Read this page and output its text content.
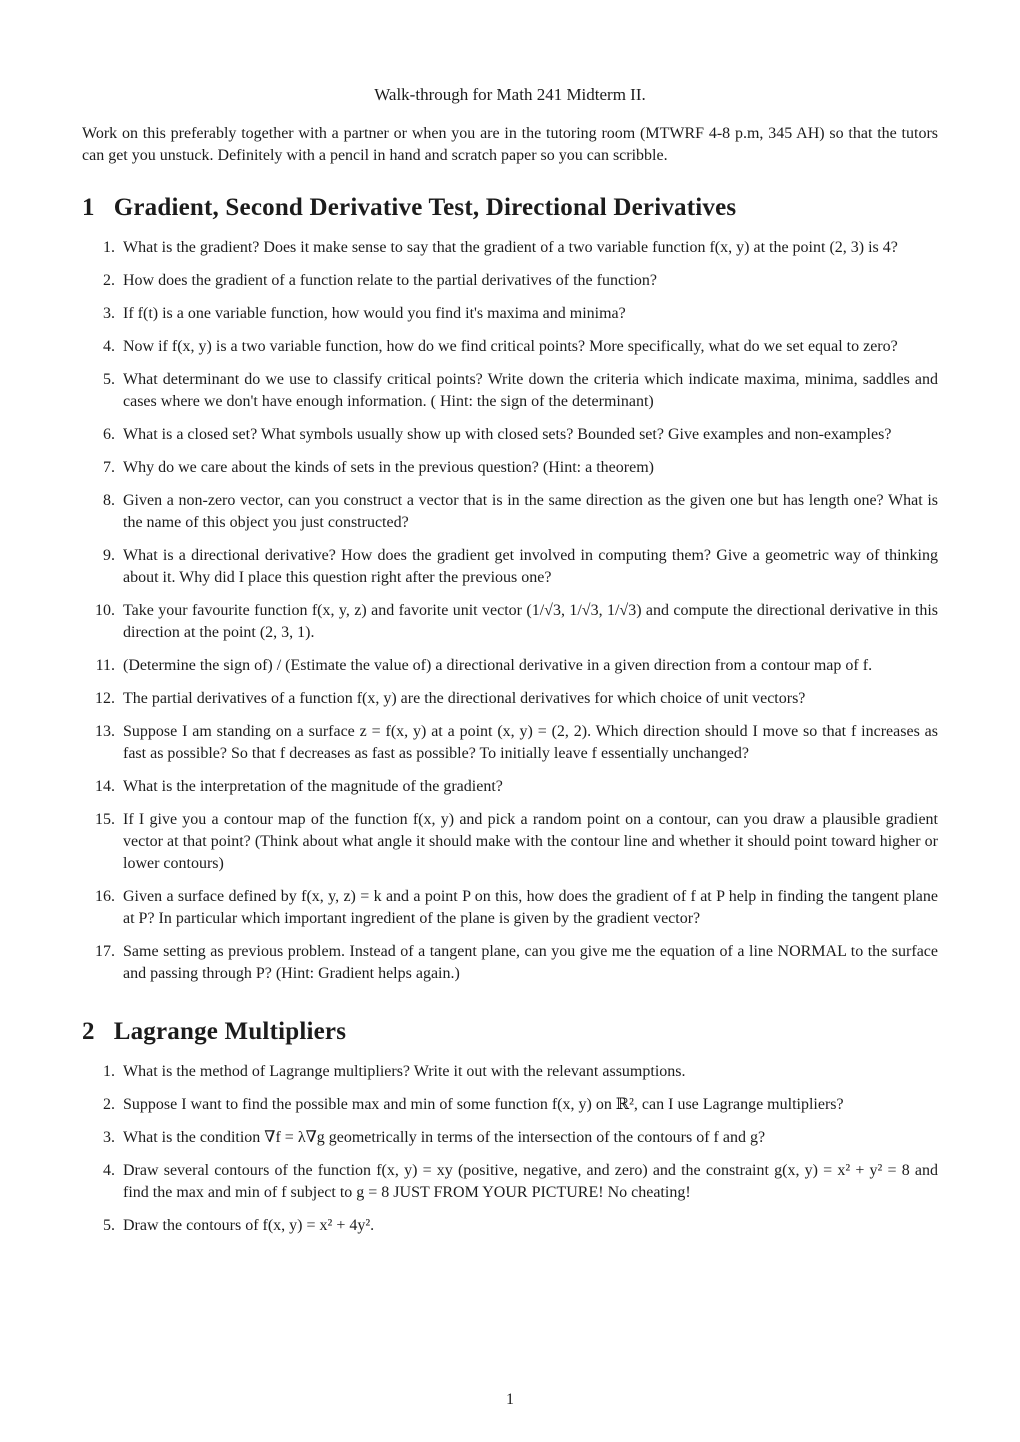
Walk-through for Math 241 Midterm II.

Work on this preferably together with a partner or when you are in the tutoring room (MTWRF 4-8 p.m, 345 AH) so that the tutors can get you unstuck. Definitely with a pencil in hand and scratch paper so you can scribble.

1 Gradient, Second Derivative Test, Directional Derivatives
1. What is the gradient? Does it make sense to say that the gradient of a two variable function f(x, y) at the point (2, 3) is 4?
2. How does the gradient of a function relate to the partial derivatives of the function?
3. If f(t) is a one variable function, how would you find it's maxima and minima?
4. Now if f(x, y) is a two variable function, how do we find critical points? More specifically, what do we set equal to zero?
5. What determinant do we use to classify critical points? Write down the criteria which indicate maxima, minima, saddles and cases where we don't have enough information. ( Hint: the sign of the determinant)
6. What is a closed set? What symbols usually show up with closed sets? Bounded set? Give examples and non-examples?
7. Why do we care about the kinds of sets in the previous question? (Hint: a theorem)
8. Given a non-zero vector, can you construct a vector that is in the same direction as the given one but has length one? What is the name of this object you just constructed?
9. What is a directional derivative? How does the gradient get involved in computing them? Give a geometric way of thinking about it. Why did I place this question right after the previous one?
10. Take your favourite function f(x, y, z) and favorite unit vector (1/√3, 1/√3, 1/√3) and compute the directional derivative in this direction at the point (2, 3, 1).
11. (Determine the sign of) / (Estimate the value of) a directional derivative in a given direction from a contour map of f.
12. The partial derivatives of a function f(x, y) are the directional derivatives for which choice of unit vectors?
13. Suppose I am standing on a surface z = f(x, y) at a point (x, y) = (2, 2). Which direction should I move so that f increases as fast as possible? So that f decreases as fast as possible? To initially leave f essentially unchanged?
14. What is the interpretation of the magnitude of the gradient?
15. If I give you a contour map of the function f(x, y) and pick a random point on a contour, can you draw a plausible gradient vector at that point? (Think about what angle it should make with the contour line and whether it should point toward higher or lower contours)
16. Given a surface defined by f(x, y, z) = k and a point P on this, how does the gradient of f at P help in finding the tangent plane at P? In particular which important ingredient of the plane is given by the gradient vector?
17. Same setting as previous problem. Instead of a tangent plane, can you give me the equation of a line NORMAL to the surface and passing through P? (Hint: Gradient helps again.)
2 Lagrange Multipliers
1. What is the method of Lagrange multipliers? Write it out with the relevant assumptions.
2. Suppose I want to find the possible max and min of some function f(x, y) on ℝ², can I use Lagrange multipliers?
3. What is the condition ∇f = λ∇g geometrically in terms of the intersection of the contours of f and g?
4. Draw several contours of the function f(x, y) = xy (positive, negative, and zero) and the constraint g(x, y) = x² + y² = 8 and find the max and min of f subject to g = 8 JUST FROM YOUR PICTURE! No cheating!
5. Draw the contours of f(x, y) = x² + 4y².
1
